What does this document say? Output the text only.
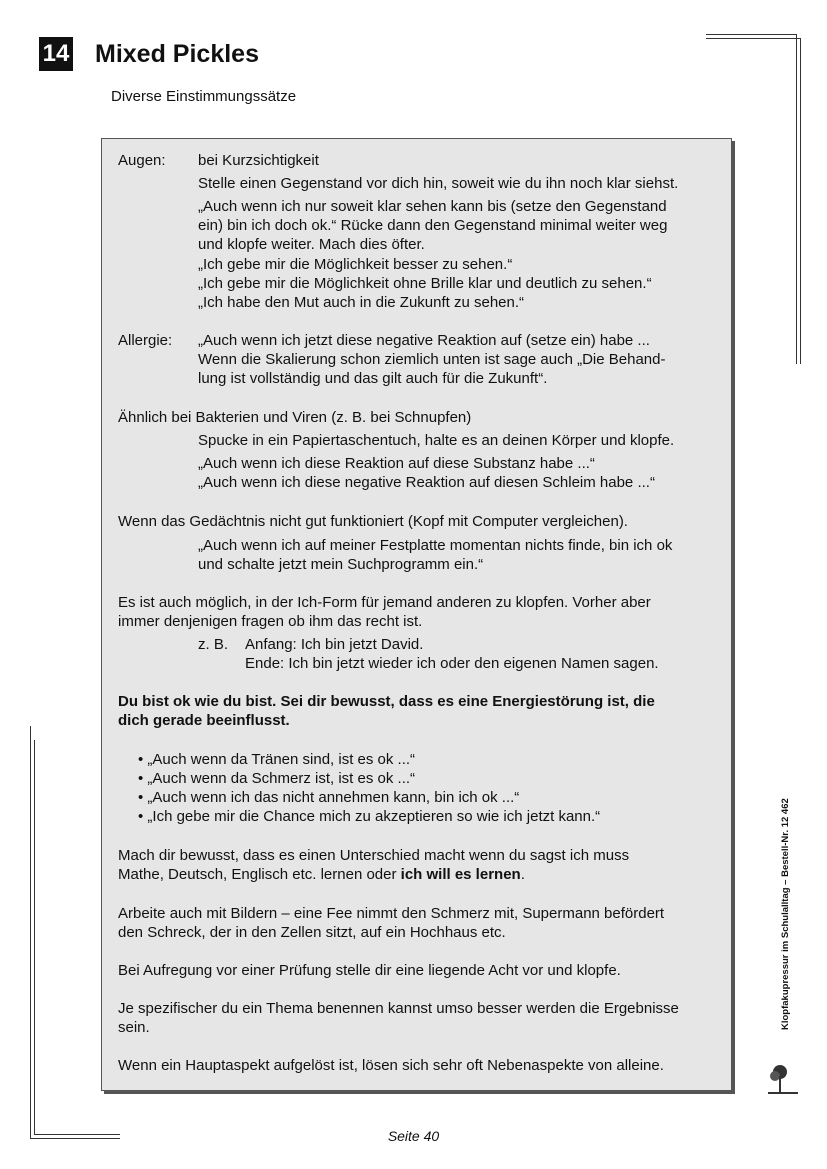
14 Mixed Pickles
Diverse Einstimmungssätze
Augen: bei Kurzsichtigkeit
Stelle einen Gegenstand vor dich hin, soweit wie du ihn noch klar siehst.
„Auch wenn ich nur soweit klar sehen kann bis (setze den Gegenstand
ein) bin ich doch ok.“ Rücke dann den Gegenstand minimal weiter weg
und klopfe weiter. Mach dies öfter.
„Ich gebe mir die Möglichkeit besser zu sehen.“
„Ich gebe mir die Möglichkeit ohne Brille klar und deutlich zu sehen.“
„Ich habe den Mut auch in die Zukunft zu sehen.“
Allergie: „Auch wenn ich jetzt diese negative Reaktion auf (setze ein) habe ...
Wenn die Skalierung schon ziemlich unten ist sage auch „Die Behand-
lung ist vollständig und das gilt auch für die Zukunft“.
Ähnlich bei Bakterien und Viren (z. B. bei Schnupfen)
Spucke in ein Papiertaschentuch, halte es an deinen Körper und klopfe.
„Auch wenn ich diese Reaktion auf diese Substanz habe ...“
„Auch wenn ich diese negative Reaktion auf diesen Schleim habe ...“
Wenn das Gedächtnis nicht gut funktioniert (Kopf mit Computer vergleichen).
„Auch wenn ich auf meiner Festplatte momentan nichts finde, bin ich ok
und schalte jetzt mein Suchprogramm ein.“
Es ist auch möglich, in der Ich-Form für jemand anderen zu klopfen. Vorher aber
immer denjenigen fragen ob ihm das recht ist.
z. B. Anfang: Ich bin jetzt David.
Ende: Ich bin jetzt wieder ich oder den eigenen Namen sagen.
Du bist ok wie du bist. Sei dir bewusst, dass es eine Energiestörung ist, die
dich gerade beeinflusst.
• „Auch wenn da Tränen sind, ist es ok ...“
• „Auch wenn da Schmerz ist, ist es ok ...“
• „Auch wenn ich das nicht annehmen kann, bin ich ok ...“
• „Ich gebe mir die Chance mich zu akzeptieren so wie ich jetzt kann.“
Mach dir bewusst, dass es einen Unterschied macht wenn du sagst ich muss
Mathe, Deutsch, Englisch etc. lernen oder ich will es lernen.
Arbeite auch mit Bildern – eine Fee nimmt den Schmerz mit, Supermann befördert
den Schreck, der in den Zellen sitzt, auf ein Hochhaus etc.
Bei Aufregung vor einer Prüfung stelle dir eine liegende Acht vor und klopfe.
Je spezifischer du ein Thema benennen kannst umso besser werden die Ergebnisse
sein.
Wenn ein Hauptaspekt aufgelöst ist, lösen sich sehr oft Nebenaspekte von alleine.
Klopfakupressur im Schulalltag – Bestell-Nr. 12 462
Seite 40
